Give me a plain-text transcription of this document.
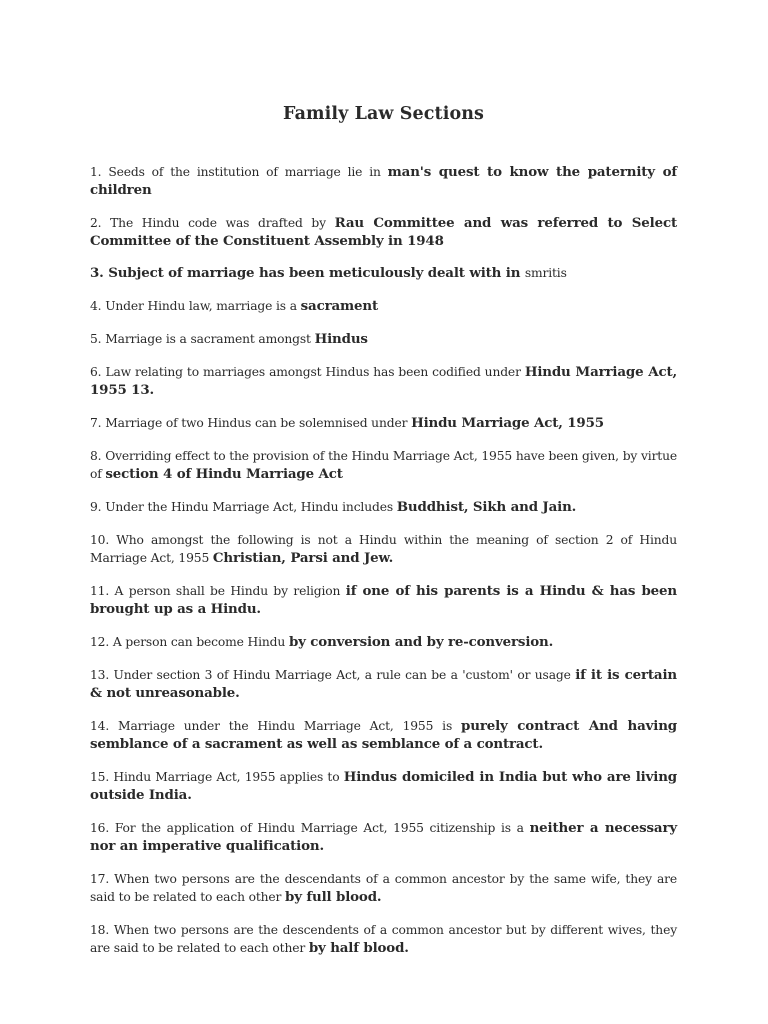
Family Law Sections

1. Seeds of the institution of marriage lie in man's quest to know the paternity of children

2. The Hindu code was drafted by Rau Committee and was referred to Select Committee of the Constituent Assembly in 1948

3. Subject of marriage has been meticulously dealt with in smritis

4. Under Hindu law, marriage is a sacrament

5. Marriage is a sacrament amongst Hindus

6. Law relating to marriages amongst Hindus has been codified under Hindu Marriage Act, 1955 13.

7. Marriage of two Hindus can be solemnised under Hindu Marriage Act, 1955

8. Overriding effect to the provision of the Hindu Marriage Act, 1955 have been given, by virtue of section 4 of Hindu Marriage Act

9. Under the Hindu Marriage Act, Hindu includes Buddhist, Sikh and Jain.

10. Who amongst the following is not a Hindu within the meaning of section 2 of Hindu Marriage Act, 1955 Christian, Parsi and Jew.

11. A person shall be Hindu by religion if one of his parents is a Hindu & has been brought up as a Hindu.

12. A person can become Hindu by conversion and by re-conversion.

13. Under section 3 of Hindu Marriage Act, a rule can be a 'custom' or usage if it is certain & not unreasonable.

14. Marriage under the Hindu Marriage Act, 1955 is purely contract And having semblance of a sacrament as well as semblance of a contract.

15. Hindu Marriage Act, 1955 applies to Hindus domiciled in India but who are living outside India.

16. For the application of Hindu Marriage Act, 1955 citizenship is a neither a necessary nor an imperative qualification.

17. When two persons are the descendants of a common ancestor by the same wife, they are said to be related to each other by full blood.

18. When two persons are the descendents of a common ancestor but by different wives, they are said to be related to each other by half blood.
